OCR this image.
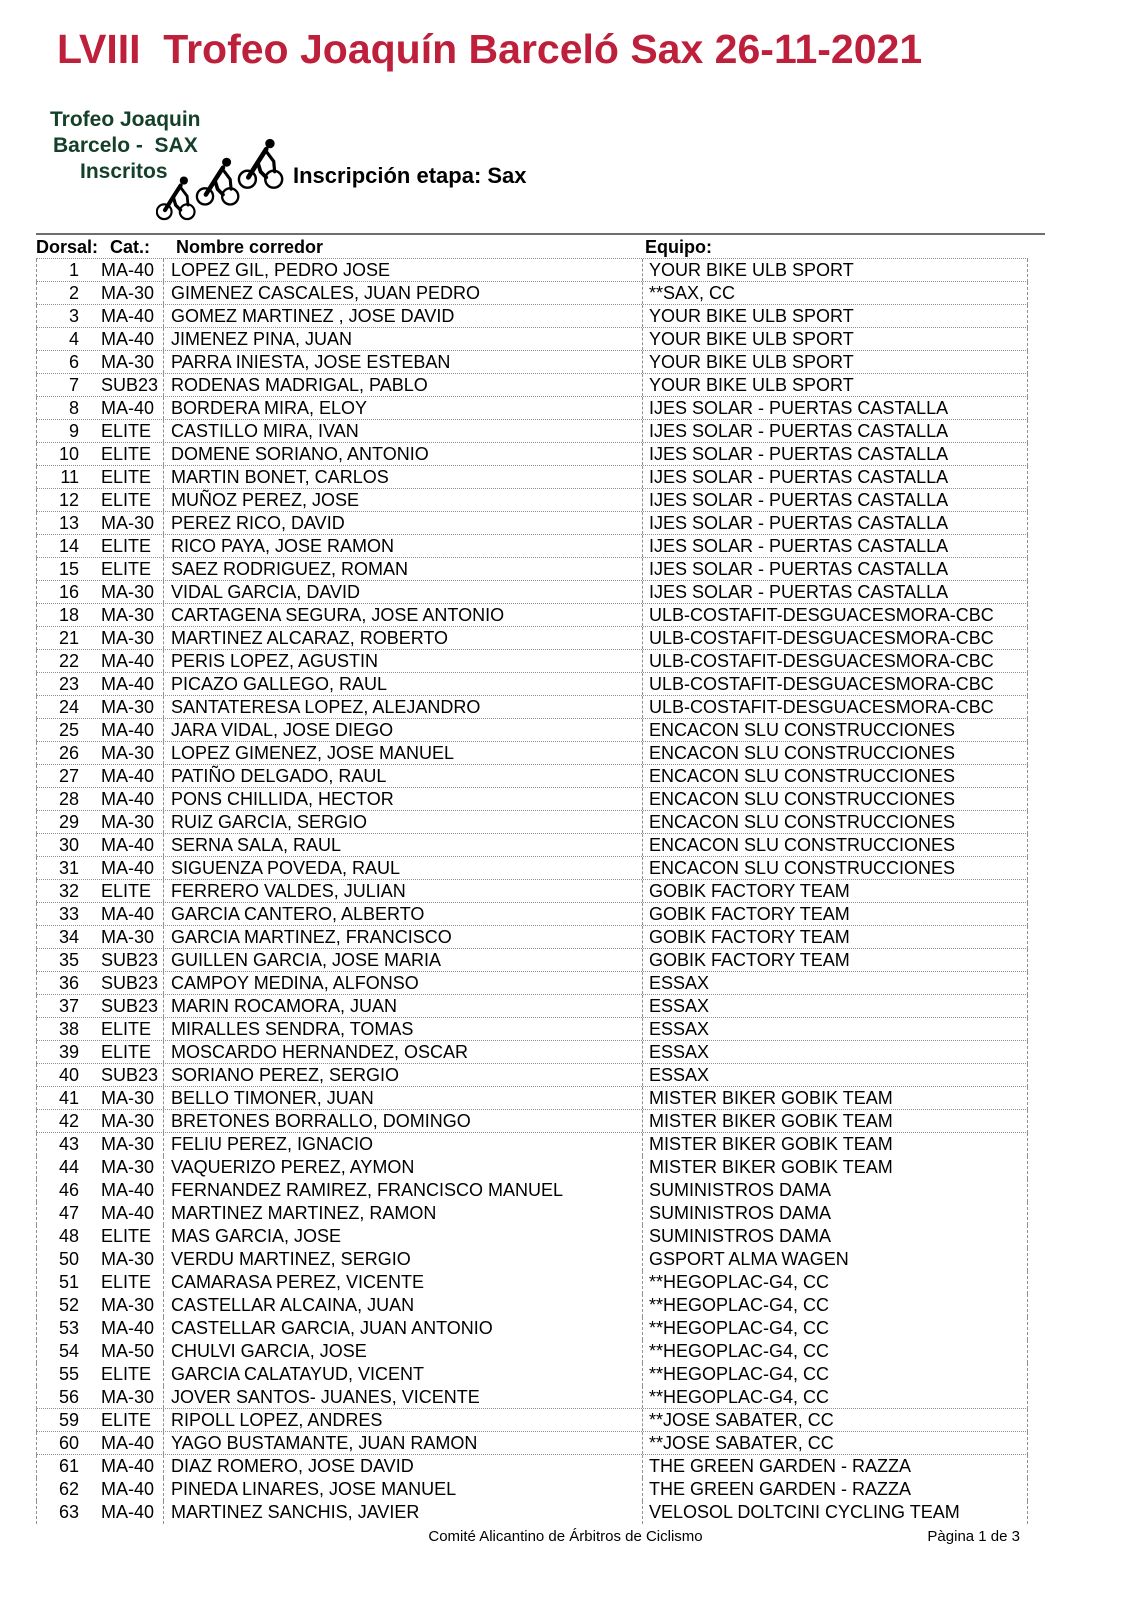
LVIII  Trofeo Joaquín Barceló Sax 26-11-2021
Trofeo Joaquin
Barcelo -  SAX
Inscritos	Inscripción etapa: Sax
Dorsal: Cat.: Nombre corredor	Equipo:
1 MA-40 LOPEZ GIL, PEDRO JOSE	YOUR BIKE ULB SPORT
2 MA-30 GIMENEZ CASCALES, JUAN PEDRO	**SAX, CC
3 MA-40 GOMEZ MARTINEZ , JOSE DAVID	YOUR BIKE ULB SPORT
4 MA-40 JIMENEZ PINA, JUAN	YOUR BIKE ULB SPORT
6 MA-30 PARRA INIESTA, JOSE ESTEBAN	YOUR BIKE ULB SPORT
7 SUB23 RODENAS MADRIGAL, PABLO	YOUR BIKE ULB SPORT
8 MA-40 BORDERA MIRA, ELOY	IJES SOLAR - PUERTAS CASTALLA
9 ELITE	CASTILLO MIRA, IVAN	IJES SOLAR - PUERTAS CASTALLA
10 ELITE	DOMENE SORIANO, ANTONIO	IJES SOLAR - PUERTAS CASTALLA
11 ELITE	MARTIN BONET, CARLOS	IJES SOLAR - PUERTAS CASTALLA
12 ELITE	MUÑOZ PEREZ, JOSE	IJES SOLAR - PUERTAS CASTALLA
13 MA-30 PEREZ RICO, DAVID	IJES SOLAR - PUERTAS CASTALLA
14 ELITE	RICO PAYA, JOSE RAMON	IJES SOLAR - PUERTAS CASTALLA
15 ELITE	SAEZ RODRIGUEZ, ROMAN	IJES SOLAR - PUERTAS CASTALLA
16 MA-30 VIDAL GARCIA, DAVID	IJES SOLAR - PUERTAS CASTALLA
18 MA-30 CARTAGENA SEGURA, JOSE ANTONIO	ULB-COSTAFIT-DESGUACESMORA-CBC
21 MA-30 MARTINEZ ALCARAZ, ROBERTO	ULB-COSTAFIT-DESGUACESMORA-CBC
22 MA-40 PERIS LOPEZ, AGUSTIN	ULB-COSTAFIT-DESGUACESMORA-CBC
23 MA-40 PICAZO GALLEGO, RAUL	ULB-COSTAFIT-DESGUACESMORA-CBC
24 MA-30 SANTATERESA LOPEZ, ALEJANDRO	ULB-COSTAFIT-DESGUACESMORA-CBC
25 MA-40 JARA VIDAL, JOSE DIEGO	ENCACON SLU CONSTRUCCIONES
26 MA-30 LOPEZ GIMENEZ, JOSE MANUEL	ENCACON SLU CONSTRUCCIONES
27 MA-40 PATIÑO DELGADO, RAUL	ENCACON SLU CONSTRUCCIONES
28 MA-40 PONS CHILLIDA, HECTOR	ENCACON SLU CONSTRUCCIONES
29 MA-30 RUIZ GARCIA, SERGIO	ENCACON SLU CONSTRUCCIONES
30 MA-40 SERNA SALA, RAUL	ENCACON SLU CONSTRUCCIONES
31 MA-40 SIGUENZA POVEDA, RAUL	ENCACON SLU CONSTRUCCIONES
32 ELITE	FERRERO VALDES, JULIAN	GOBIK FACTORY TEAM
33 MA-40 GARCIA CANTERO, ALBERTO	GOBIK FACTORY TEAM
34 MA-30 GARCIA MARTINEZ, FRANCISCO	GOBIK FACTORY TEAM
35 SUB23 GUILLEN GARCIA, JOSE MARIA	GOBIK FACTORY TEAM
36 SUB23 CAMPOY MEDINA, ALFONSO	ESSAX
37 SUB23 MARIN ROCAMORA, JUAN	ESSAX
38 ELITE	MIRALLES SENDRA, TOMAS	ESSAX
39 ELITE	MOSCARDO HERNANDEZ, OSCAR	ESSAX
40 SUB23 SORIANO PEREZ, SERGIO	ESSAX
41 MA-30 BELLO TIMONER, JUAN	MISTER BIKER GOBIK TEAM
42 MA-30 BRETONES BORRALLO, DOMINGO	MISTER BIKER GOBIK TEAM
43 MA-30 FELIU PEREZ, IGNACIO	MISTER BIKER GOBIK TEAM
44 MA-30 VAQUERIZO PEREZ, AYMON	MISTER BIKER GOBIK TEAM
46 MA-40 FERNANDEZ RAMIREZ, FRANCISCO MANUEL	SUMINISTROS DAMA
47 MA-40 MARTINEZ MARTINEZ, RAMON	SUMINISTROS DAMA
48 ELITE	MAS GARCIA, JOSE	SUMINISTROS DAMA
50 MA-30 VERDU MARTINEZ, SERGIO	GSPORT ALMA WAGEN
51 ELITE	CAMARASA PEREZ, VICENTE	**HEGOPLAC-G4, CC
52 MA-30 CASTELLAR ALCAINA, JUAN	**HEGOPLAC-G4, CC
53 MA-40 CASTELLAR GARCIA, JUAN ANTONIO	**HEGOPLAC-G4, CC
54 MA-50 CHULVI GARCIA, JOSE	**HEGOPLAC-G4, CC
55 ELITE	GARCIA CALATAYUD, VICENT	**HEGOPLAC-G4, CC
56 MA-30 JOVER SANTOS- JUANES, VICENTE	**HEGOPLAC-G4, CC
59 ELITE	RIPOLL LOPEZ, ANDRES	**JOSE SABATER, CC
60 MA-40 YAGO BUSTAMANTE, JUAN RAMON	**JOSE SABATER, CC
61 MA-40 DIAZ ROMERO, JOSE DAVID	THE GREEN GARDEN - RAZZA
62 MA-40 PINEDA LINARES, JOSE MANUEL	THE GREEN GARDEN - RAZZA
63 MA-40 MARTINEZ SANCHIS, JAVIER	VELOSOL DOLTCINI CYCLING TEAM
Comité Alicantino de Árbitros de Ciclismo	Pàgina 1 de 3
